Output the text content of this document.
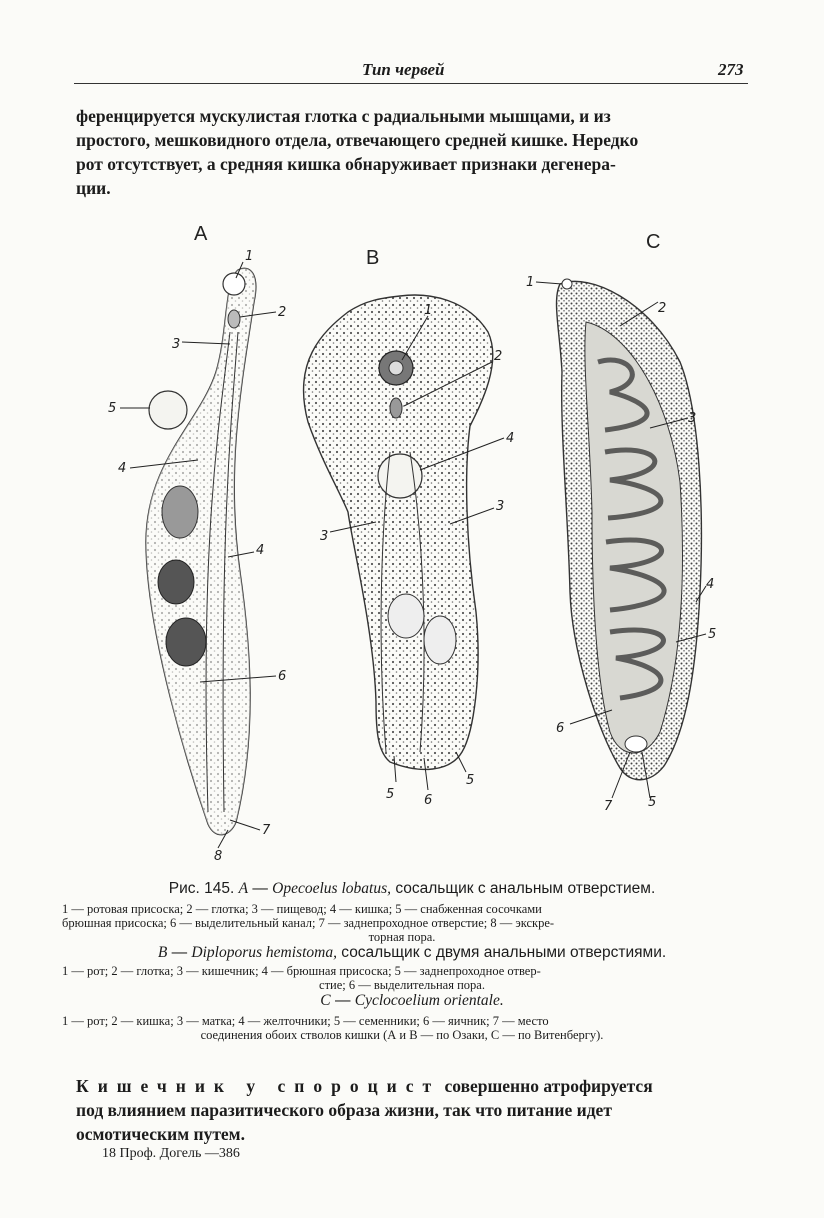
Тип червей	273
ференцируется мускулистая глотка с радиальными мышцами, и из
простого, мешковидного отдела, отвечающего средней кишке. Нередко
рот отсутствует, а средняя кишка обнаруживает признаки дегенера-
ции.
A
1
2
3
5
4
4
6
7
8
B
1
2
4
3
3
5 6
5
C
1
2
3
4
5
6
7	5
Рис. 145. A — Opecoelus lobatus, сосальщик с анальным отверстием.
1 — ротовая присоска; 2 — глотка; 3 — пищевод; 4 — кишка; 5 — снабженная сосочками
брюшная присоска; 6 — выделительный канал; 7 — заднепроходное отверстие; 8 — экскре-
торная пора.
B — Diploporus hemistoma, сосальщик с двумя анальными отверстиями.
1 — рот; 2 — глотка; 3 — кишечник; 4 — брюшная присоска; 5 — заднепроходное отвер-
стие; 6 — выделительная пора.
C — Cyclocoelium orientale.
1 — рот; 2 — кишка; 3 — матка; 4 — желточники; 5 — семенники; 6 — яичник; 7 — место
соединения обоих стволов кишки (А и В — по Озаки, С — по Витенбергу).
Кишечник у спороцист совершенно атрофируется
под влиянием паразитического образа жизни, так что питание идет
осмотическим путем.
18 Проф. Догель —386
